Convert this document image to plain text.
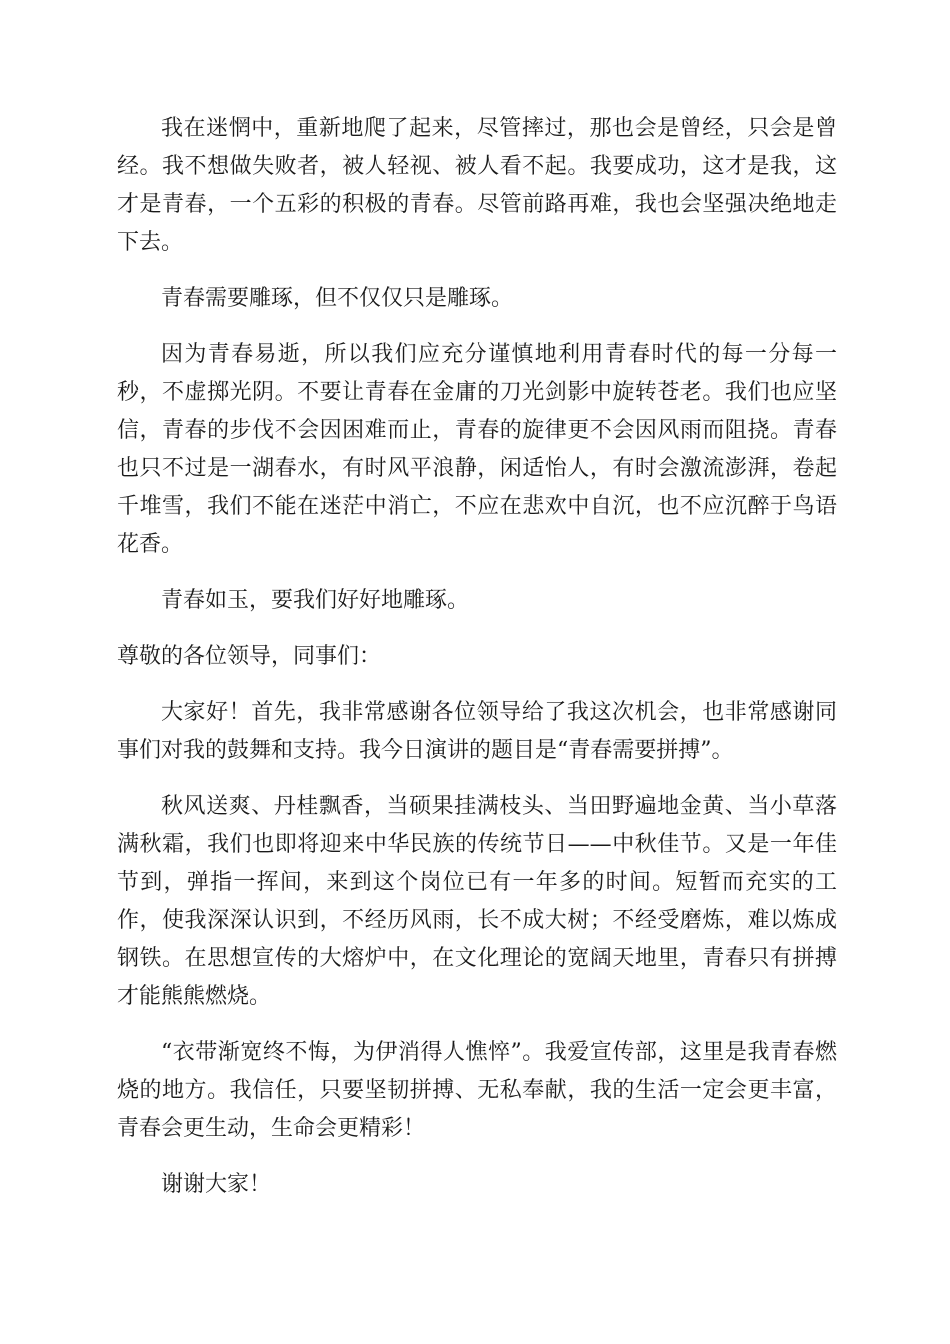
我在迷惘中，重新地爬了起来，尽管摔过，那也会是曾经，只会是曾经。我不想做失败者，被人轻视、被人看不起。我要成功，这才是我，这才是青春，一个五彩的积极的青春。尽管前路再难，我也会坚强决绝地走下去。

青春需要雕琢，但不仅仅只是雕琢。

因为青春易逝，所以我们应充分谨慎地利用青春时代的每一分每一秒，不虚掷光阴。不要让青春在金庸的刀光剑影中旋转苍老。我们也应坚信，青春的步伐不会因困难而止，青春的旋律更不会因风雨而阻挠。青春也只不过是一湖春水，有时风平浪静，闲适怡人，有时会激流澎湃，卷起千堆雪，我们不能在迷茫中消亡，不应在悲欢中自沉，也不应沉醉于鸟语花香。

青春如玉，要我们好好地雕琢。

尊敬的各位领导，同事们：

大家好！首先，我非常感谢各位领导给了我这次机会，也非常感谢同事们对我的鼓舞和支持。我今日演讲的题目是“青春需要拼搏”。

秋风送爽、丹桂飘香，当硕果挂满枝头、当田野遍地金黄、当小草落满秋霜，我们也即将迎来中华民族的传统节日——中秋佳节。又是一年佳节到，弹指一挥间，来到这个岗位已有一年多的时间。短暂而充实的工作，使我深深认识到，不经历风雨，长不成大树；不经受磨炼，难以炼成钢铁。在思想宣传的大熔炉中，在文化理论的宽阔天地里，青春只有拼搏才能熊熊燃烧。

“衣带渐宽终不悔，为伊消得人憔悴”。我爱宣传部，这里是我青春燃烧的地方。我信任，只要坚韧拼搏、无私奉献，我的生活一定会更丰富，青春会更生动，生命会更精彩！

谢谢大家！
